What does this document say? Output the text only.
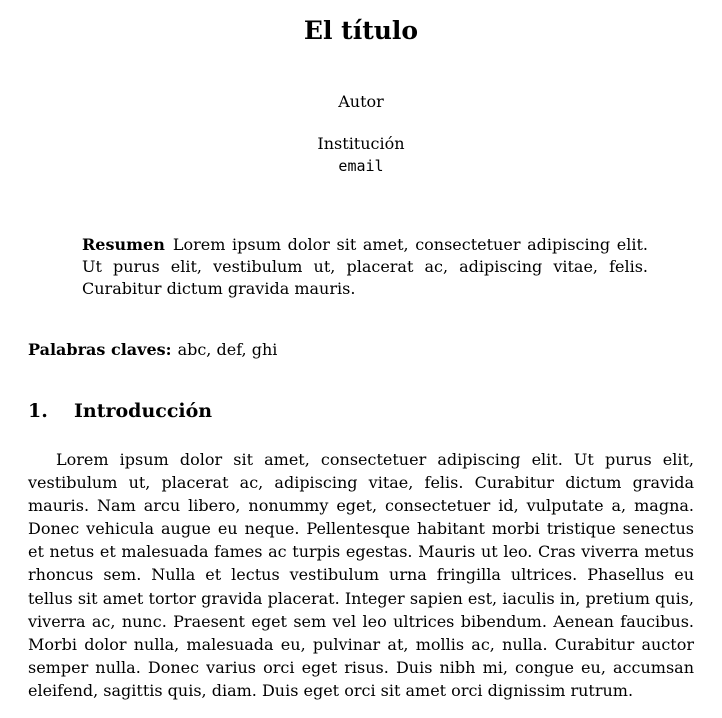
El título
Autor
Institución
email
Resumen Lorem ipsum dolor sit amet, consectetuer adipiscing elit. Ut purus elit, vestibulum ut, placerat ac, adipiscing vitae, felis. Curabitur dictum gravida mauris.
Palabras claves: abc, def, ghi
1. Introducción

Lorem ipsum dolor sit amet, consectetuer adipiscing elit. Ut purus elit, vestibulum ut, placerat ac, adipiscing vitae, felis. Curabitur dictum gravida mauris. Nam arcu libero, nonummy eget, consectetuer id, vulputate a, magna. Donec vehicula augue eu neque. Pellentesque habitant morbi tristique senectus et netus et malesuada fames ac turpis egestas. Mauris ut leo. Cras viverra metus rhoncus sem. Nulla et lectus vestibulum urna fringilla ultrices. Phasellus eu tellus sit amet tortor gravida placerat. Integer sapien est, iaculis in, pretium quis, viverra ac, nunc. Praesent eget sem vel leo ultrices bibendum. Aenean faucibus. Morbi dolor nulla, malesuada eu, pulvinar at, mollis ac, nulla. Curabitur auctor semper nulla. Donec varius orci eget risus. Duis nibh mi, congue eu, accumsan eleifend, sagittis quis, diam. Duis eget orci sit amet orci dignissim rutrum.
